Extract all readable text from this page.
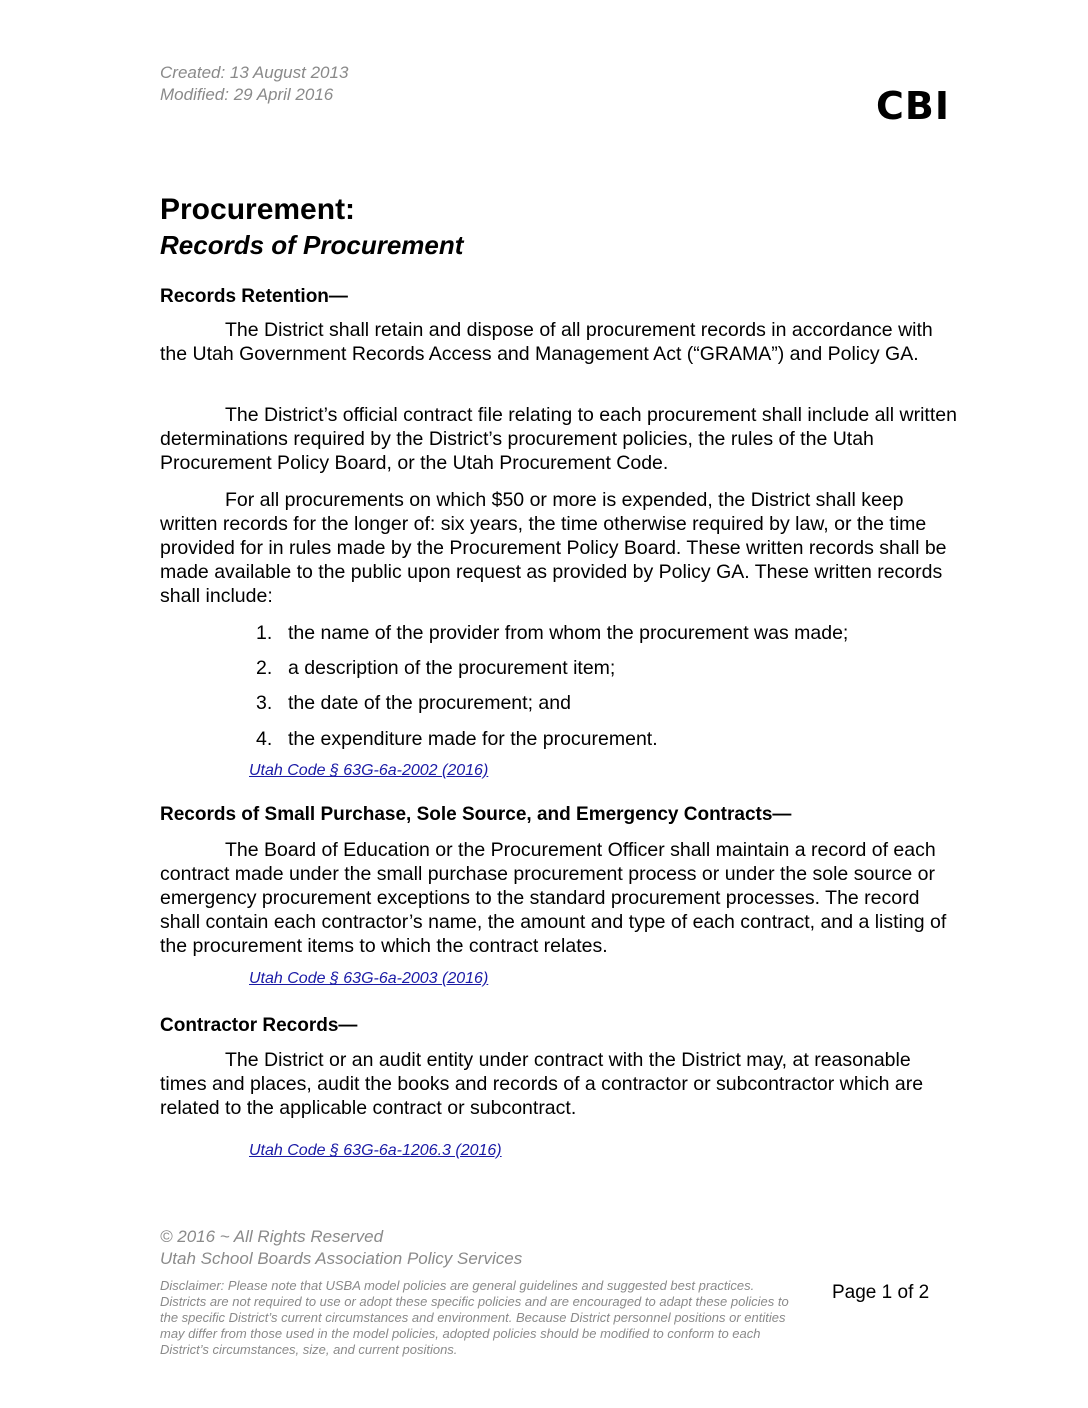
Created: 13 August 2013
Modified: 29 April 2016	CBI
Procurement:
Records of Procurement
Records Retention—

The District shall retain and dispose of all procurement records in accordance with the Utah Government Records Access and Management Act (“GRAMA”) and Policy GA.

The District’s official contract file relating to each procurement shall include all written determinations required by the District’s procurement policies, the rules of the Utah Procurement Policy Board, or the Utah Procurement Code.

For all procurements on which $50 or more is expended, the District shall keep written records for the longer of: six years, the time otherwise required by law, or the time provided for in rules made by the Procurement Policy Board. These written records shall be made available to the public upon request as provided by Policy GA. These written records shall include:

1. the name of the provider from whom the procurement was made;
2. a description of the procurement item;
3. the date of the procurement; and
4. the expenditure made for the procurement.
Utah Code § 63G-6a-2002 (2016)
Records of Small Purchase, Sole Source, and Emergency Contracts—

The Board of Education or the Procurement Officer shall maintain a record of each contract made under the small purchase procurement process or under the sole source or emergency procurement exceptions to the standard procurement processes. The record shall contain each contractor’s name, the amount and type of each contract, and a listing of the procurement items to which the contract relates.

Utah Code § 63G-6a-2003 (2016)
Contractor Records—

The District or an audit entity under contract with the District may, at reasonable times and places, audit the books and records of a contractor or subcontractor which are related to the applicable contract or subcontract.

Utah Code § 63G-6a-1206.3 (2016)
© 2016 ~ All Rights Reserved
Utah School Boards Association Policy Services
Disclaimer: Please note that USBA model policies are general guidelines and suggested best practices. Districts are not required to use or adopt these specific policies and are encouraged to adapt these policies to the specific District’s current circumstances and environment. Because District personnel positions or entities may differ from those used in the model policies, adopted policies should be modified to conform to each District’s circumstances, size, and current positions.
Page 1 of 2
